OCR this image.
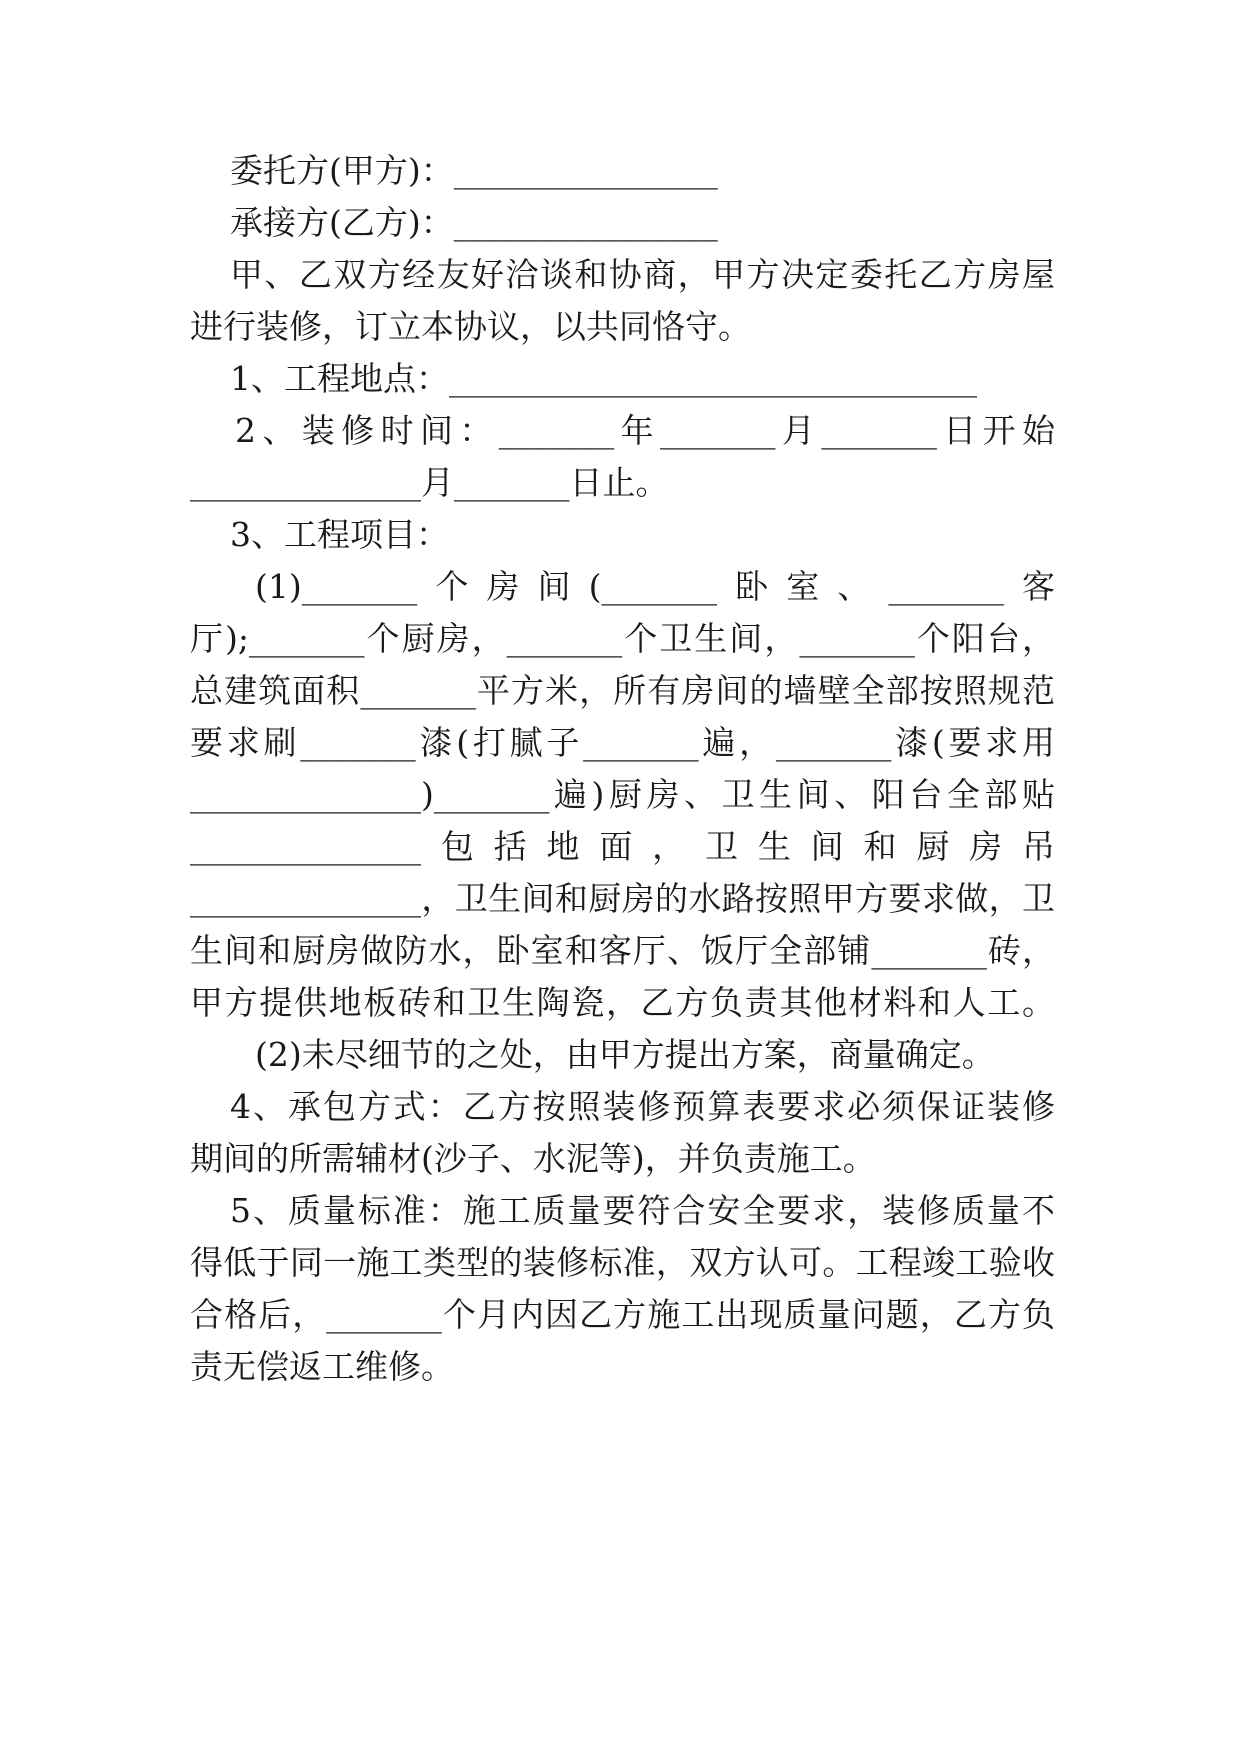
委托方(甲方)：________________
承接方(乙方)：________________
甲、乙双方经友好洽谈和协商，甲方决定委托乙方房屋
进行装修，订立本协议，以共同恪守。
1、工程地点：________________________________
2、装修时间：_______年_______月_______日开始
______________月_______日止。
3、工程项目：
(1)_______个房间(_______卧室、_______客
厅);_______个厨房，_______个卫生间，_______个阳台，
总建筑面积_______平方米，所有房间的墙壁全部按照规范
要求刷_______漆(打腻子_______遍，_______漆(要求用
______________)_______遍)厨房、卫生间、阳台全部贴
______________包括地面，卫生间和厨房吊
______________，卫生间和厨房的水路按照甲方要求做，卫
生间和厨房做防水，卧室和客厅、饭厅全部铺_______砖，
甲方提供地板砖和卫生陶瓷，乙方负责其他材料和人工。
(2)未尽细节的之处，由甲方提出方案，商量确定。
4、承包方式：乙方按照装修预算表要求必须保证装修
期间的所需辅材(沙子、水泥等)，并负责施工。
5、质量标准：施工质量要符合安全要求，装修质量不
得低于同一施工类型的装修标准，双方认可。工程竣工验收
合格后，_______个月内因乙方施工出现质量问题，乙方负
责无偿返工维修。
